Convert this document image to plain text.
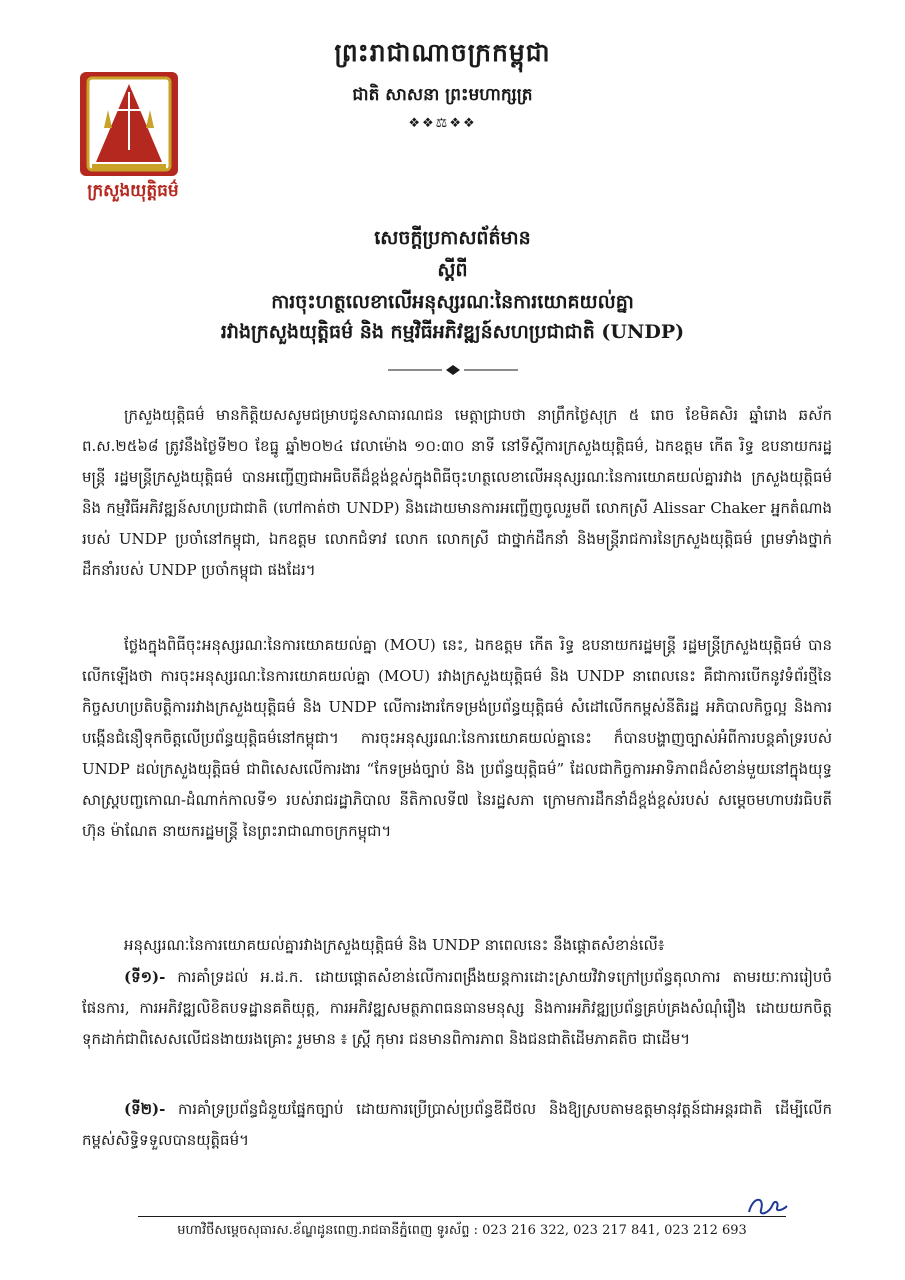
ព្រះរាជាណាចក្រកម្ពុជា
ជាតិ សាសនា ព្រះមហាក្សត្រ
❖❖⚖❖❖
ក្រសួងយុត្តិធម៌
សេចក្តីប្រកាសព័ត៌មាន
ស្តីពី
ការចុះហត្ថលេខាលើអនុស្សរណៈនៃការយោគយល់គ្នា
រវាងក្រសួងយុត្តិធម៌ និង កម្មវិធីអភិវឌ្ឍន៍សហប្រជាជាតិ (UNDP)

ក្រសួងយុត្តិធម៌ មានកិត្តិយសសូមជម្រាបជូនសាធារណជន មេត្តាជ្រាបថា នាព្រឹកថ្ងៃសុក្រ ៥ រោច ខែមិគសិរ ឆ្នាំរោង ឆស័ក ព.ស.២៥៦៨ ត្រូវនឹងថ្ងៃទី២០ ខែធ្នូ ឆ្នាំ២០២៤ វេលាម៉ោង ១០:៣០ នាទី នៅទីស្តីការក្រសួងយុត្តិធម៌, ឯកឧត្តម កើត រិទ្ធ ឧបនាយករដ្ឋមន្ត្រី រដ្ឋមន្ត្រីក្រសួងយុត្តិធម៌ បានអញ្ជើញជាអធិបតីដ៏ខ្ពង់ខ្ពស់ក្នុងពិធីចុះហត្ថលេខាលើអនុស្សរណៈនៃការយោគយល់គ្នារវាង ក្រសួងយុត្តិធម៌ និង កម្មវិធីអភិវឌ្ឍន៍សហប្រជាជាតិ (ហៅកាត់ថា UNDP) និងដោយមានការអញ្ជើញចូលរួមពី លោកស្រី Alissar Chaker អ្នកតំណាងរបស់ UNDP ប្រចាំនៅកម្ពុជា, ឯកឧត្តម លោកជំទាវ លោក លោកស្រី ជាថ្នាក់ដឹកនាំ និងមន្ត្រីរាជការនៃក្រសួងយុត្តិធម៌ ព្រមទាំងថ្នាក់ដឹកនាំរបស់ UNDP ប្រចាំកម្ពុជា ផងដែរ។

ថ្លែងក្នុងពិធីចុះអនុស្សរណៈនៃការយោគយល់គ្នា (MOU) នេះ, ឯកឧត្តម កើត រិទ្ធ ឧបនាយករដ្ឋមន្ត្រី រដ្ឋមន្ត្រីក្រសួងយុត្តិធម៌ បានលើកឡើងថា ការចុះអនុស្សរណៈនៃការយោគយល់គ្នា (MOU) រវាងក្រសួងយុត្តិធម៌ និង UNDP នាពេលនេះ គឺជាការបើកនូវទំព័រថ្មីនៃកិច្ចសហប្រតិបត្តិការរវាងក្រសួងយុត្តិធម៌ និង UNDP លើការងារកែទម្រង់ប្រព័ន្ធយុត្តិធម៌ សំដៅលើកកម្ពស់នីតិរដ្ឋ អភិបាលកិច្ចល្អ និងការបង្កើនជំនឿទុកចិត្តលើប្រព័ន្ធយុត្តិធម៌នៅកម្ពុជា។ ការចុះអនុស្សរណៈនៃការយោគយល់គ្នានេះ ក៏បានបង្ហាញច្បាស់អំពីការបន្តគាំទ្ររបស់ UNDP ដល់ក្រសួងយុត្តិធម៌ ជាពិសេសលើការងារ “កែទម្រង់ច្បាប់ និង ប្រព័ន្ធយុត្តិធម៌” ដែលជាកិច្ចការអាទិភាពដ៏សំខាន់មួយនៅក្នុងយុទ្ធសាស្ត្របញ្ចកោណ-ដំណាក់កាលទី១ របស់រាជរដ្ឋាភិបាល នីតិកាលទី៧ នៃរដ្ឋសភា ក្រោមការដឹកនាំដ៏ខ្ពង់ខ្ពស់របស់ សម្តេចមហាបវរធិបតី ហ៊ុន ម៉ាណែត នាយករដ្ឋមន្ត្រី នៃព្រះរាជាណាចក្រកម្ពុជា។

អនុស្សរណៈនៃការយោគយល់គ្នារវាងក្រសួងយុត្តិធម៌ និង UNDP នាពេលនេះ នឹងផ្តោតសំខាន់លើ៖

(ទី១)- ការគាំទ្រដល់ អ.ដ.ក. ដោយផ្តោតសំខាន់លើការពង្រឹងយន្តការដោះស្រាយវិវាទក្រៅប្រព័ន្ធតុលាការ តាមរយៈការរៀបចំផែនការ, ការអភិវឌ្ឍលិខិតបទដ្ឋានគតិយុត្ត, ការអភិវឌ្ឍសមត្ថភាពធនធានមនុស្ស និងការអភិវឌ្ឍប្រព័ន្ធគ្រប់គ្រងសំណុំរឿង ដោយយកចិត្តទុកដាក់ជាពិសេសលើជនងាយរងគ្រោះ រួមមាន ៖ ស្ត្រី កុមារ ជនមានពិការភាព និងជនជាតិដើមភាគតិច ជាដើម។

(ទី២)- ការគាំទ្រប្រព័ន្ធជំនួយផ្នែកច្បាប់ ដោយការប្រើប្រាស់ប្រព័ន្ធឌីជីថល និងឱ្យស្របតាមឧត្តមានុវត្តន៍ជាអន្តរជាតិ ដើម្បីលើកកម្ពស់សិទ្ធិទទួលបានយុត្តិធម៌។

មហាវិថីសម្តេចសុធារស.ខ័ណ្ឌដូនពេញ.រាជធានីភ្នំពេញ ទូរស័ព្ទ : 023 216 322, 023 217 841, 023 212 693
